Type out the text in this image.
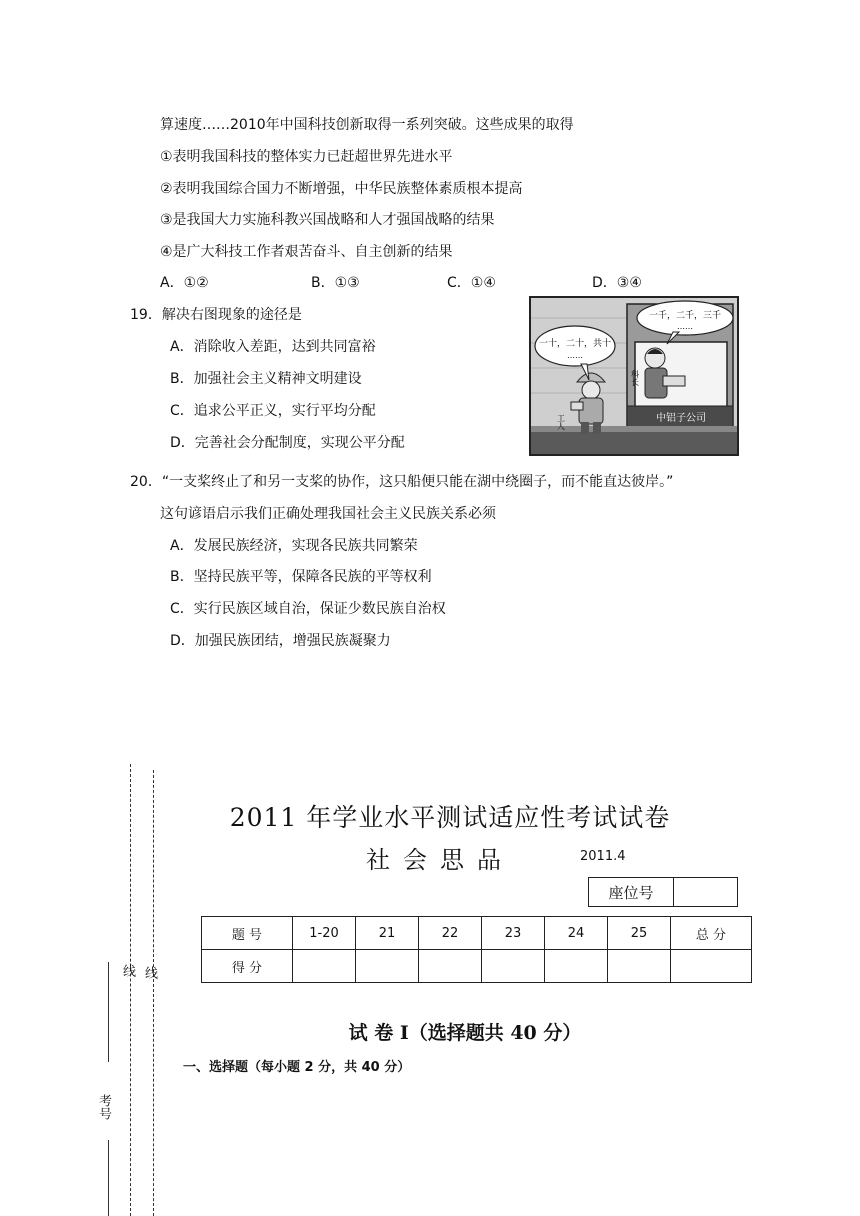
算速度……2010年中国科技创新取得一系列突破。这些成果的取得
①表明我国科技的整体实力已赶超世界先进水平
②表明我国综合国力不断增强，中华民族整体素质根本提高
③是我国大力实施科教兴国战略和人才强国战略的结果
④是广大科技工作者艰苦奋斗、自主创新的结果
A．①②	B．①③	C．①④	D．③④
19．解决右图现象的途径是
A．消除收入差距，达到共同富裕
B．加强社会主义精神文明建设
C．追求公平正义，实行平均分配
D．完善社会分配制度，实现公平分配
一十，二十，共十
……
一千，二千，三千
……
科长
工人	中铝子公司
20．“一支桨终止了和另一支桨的协作，这只船便只能在湖中绕圈子，而不能直达彼岸。”
这句谚语启示我们正确处理我国社会主义民族关系必须
A．发展民族经济，实现各民族共同繁荣
B．坚持民族平等，保障各民族的平等权利
C．实行民族区域自治，保证少数民族自治权
D．加强民族团结，增强民族凝聚力
线 线
考号
2011 年学业水平测试适应性考试试卷
社会思品	2011.4
座位号
题 号	1-20	21	22	23	24	25	总 分
得 分							
试 卷 Ⅰ（选择题共 40 分）
一、选择题（每小题 2 分，共 40 分）
